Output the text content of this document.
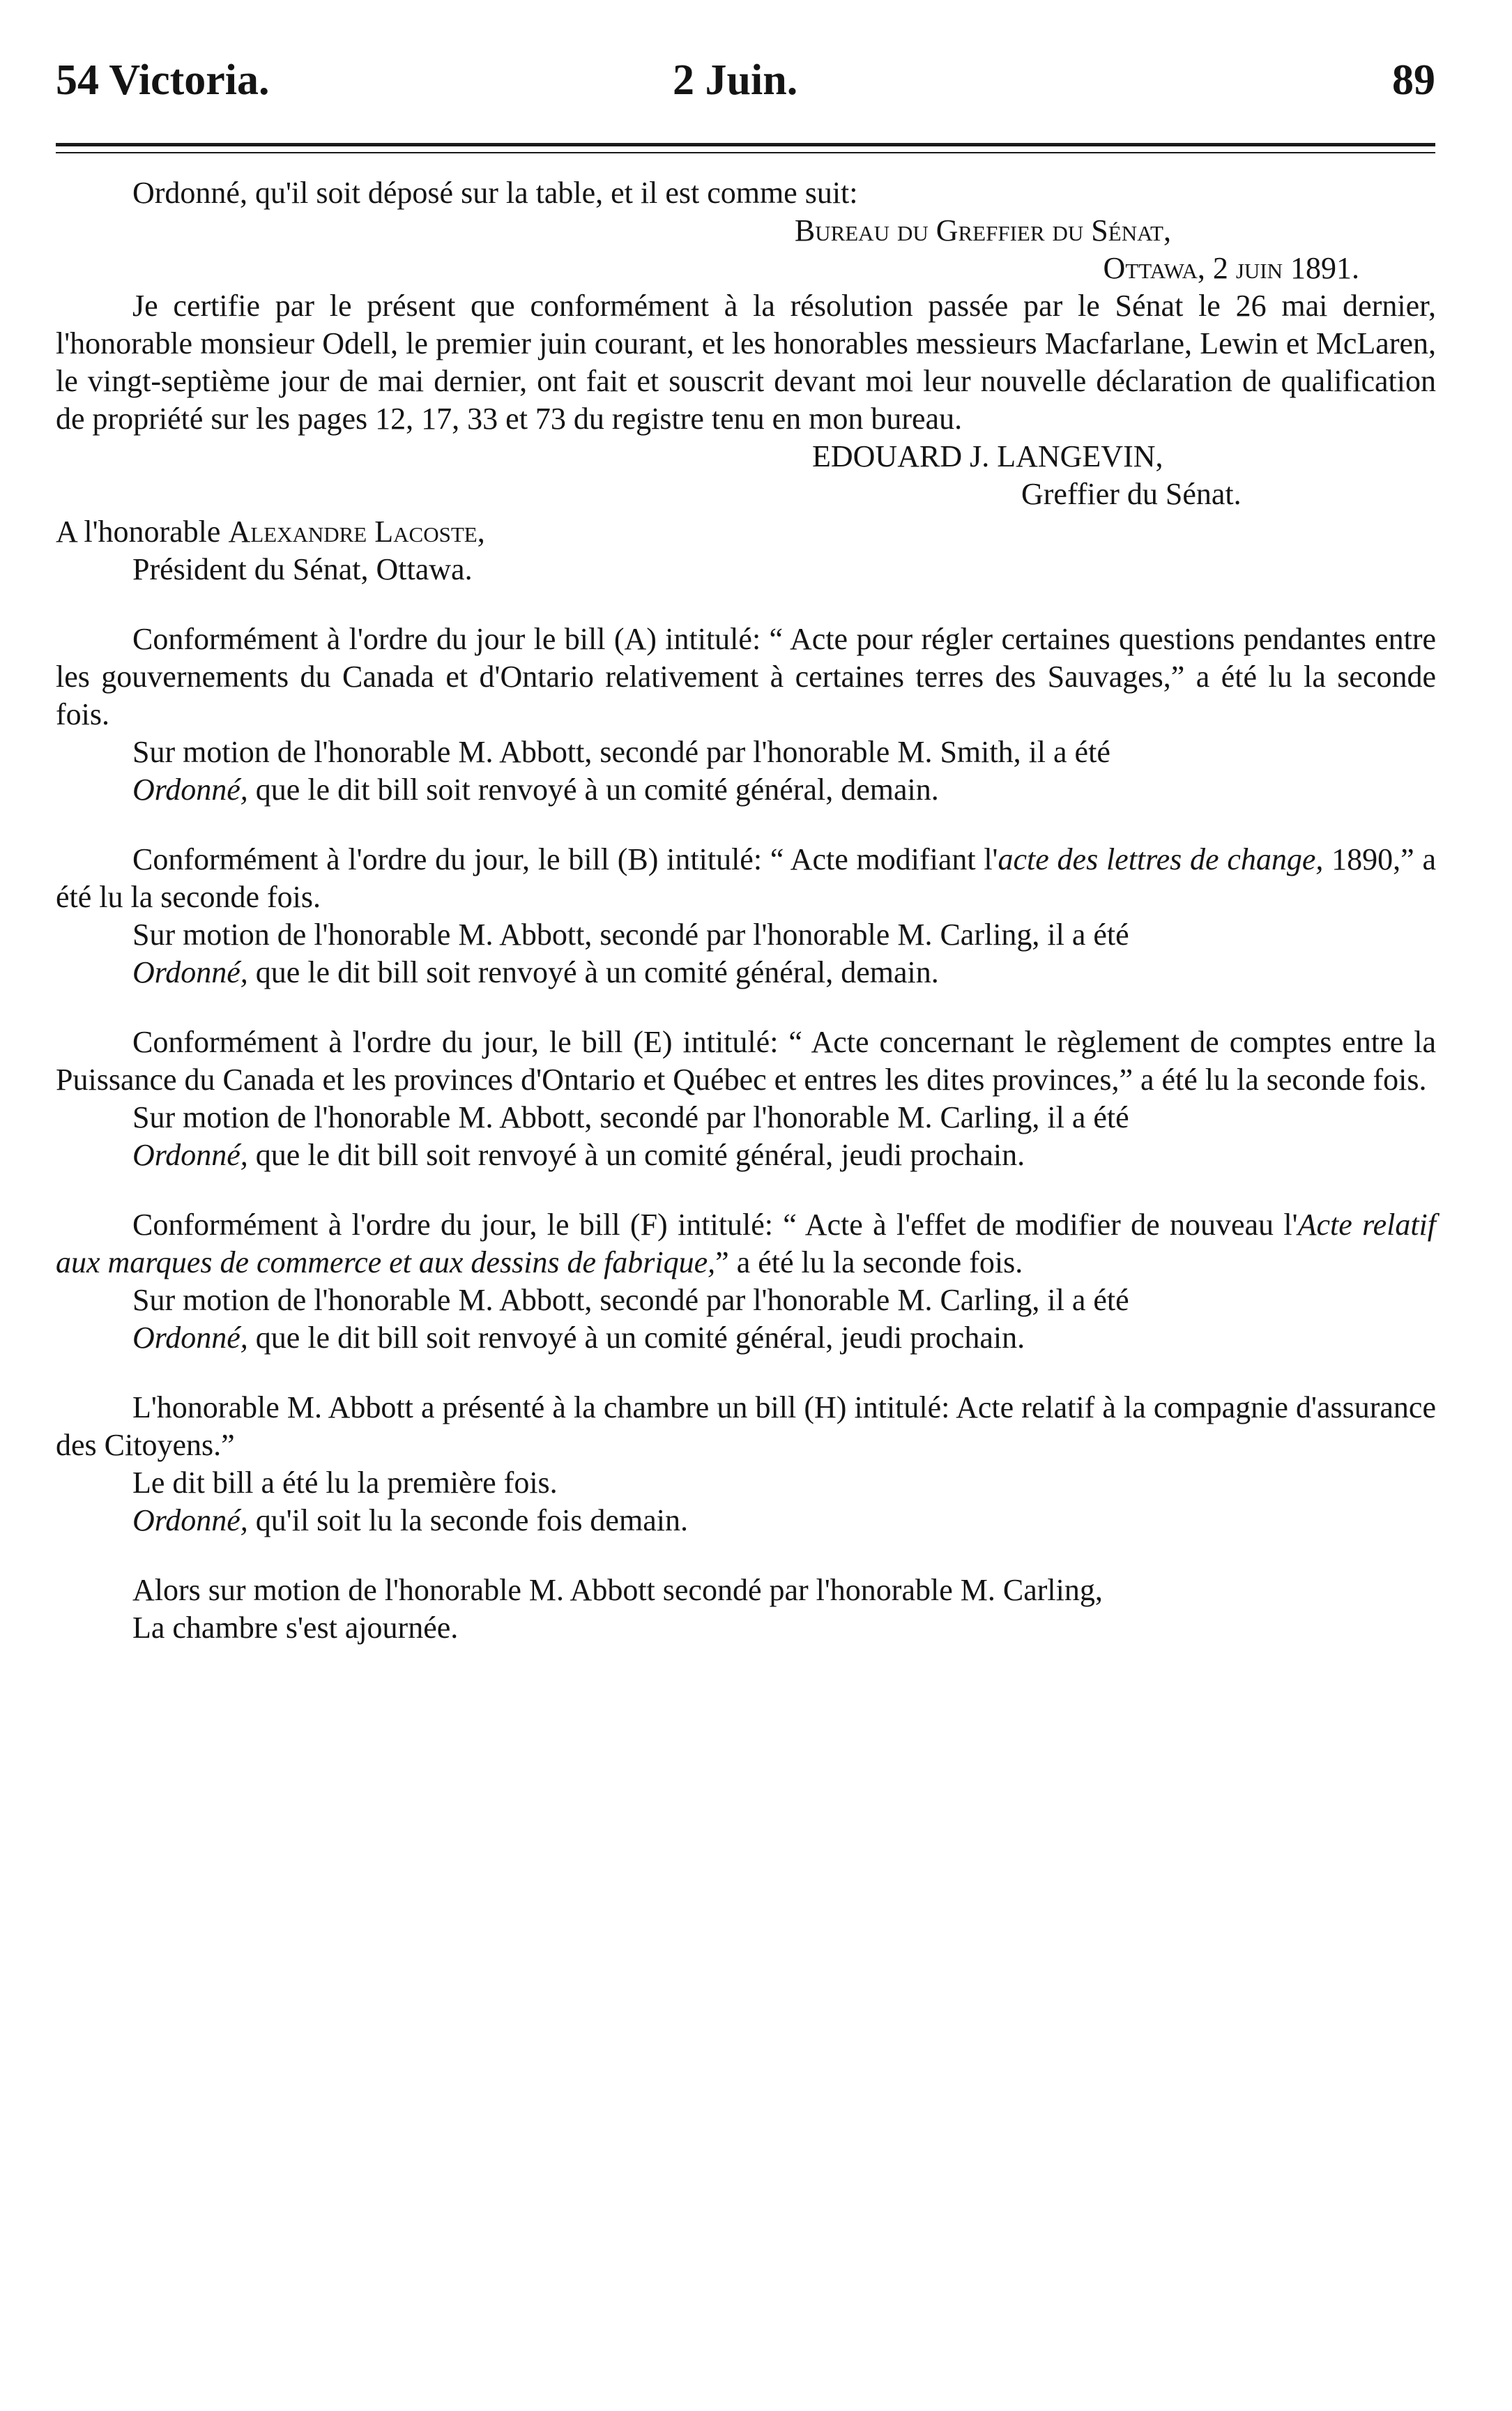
54 Victoria.	2 Juin.	89

Ordonné, qu'il soit déposé sur la table, et il est comme suit:

Bureau du Greffier du Sénat,

Ottawa, 2 juin 1891.

Je certifie par le présent que conformément à la résolution passée par le Sénat le 26 mai dernier, l'honorable monsieur Odell, le premier juin courant, et les honorables messieurs Macfarlane, Lewin et McLaren, le vingt-septième jour de mai dernier, ont fait et souscrit devant moi leur nouvelle déclaration de qualification de propriété sur les pages 12, 17, 33 et 73 du registre tenu en mon bureau.

EDOUARD J. LANGEVIN,

Greffier du Sénat.

A l'honorable Alexandre Lacoste,

Président du Sénat, Ottawa.

Conformément à l'ordre du jour le bill (A) intitulé: “ Acte pour régler certaines questions pendantes entre les gouvernements du Canada et d'Ontario relativement à certaines terres des Sauvages,” a été lu la seconde fois.

Sur motion de l'honorable M. Abbott, secondé par l'honorable M. Smith, il a été

Ordonné, que le dit bill soit renvoyé à un comité général, demain.

Conformément à l'ordre du jour, le bill (B) intitulé: “ Acte modifiant l'acte des lettres de change, 1890,” a été lu la seconde fois.

Sur motion de l'honorable M. Abbott, secondé par l'honorable M. Carling, il a été

Ordonné, que le dit bill soit renvoyé à un comité général, demain.

Conformément à l'ordre du jour, le bill (E) intitulé: “ Acte concernant le règlement de comptes entre la Puissance du Canada et les provinces d'Ontario et Québec et entres les dites provinces,” a été lu la seconde fois.

Sur motion de l'honorable M. Abbott, secondé par l'honorable M. Carling, il a été

Ordonné, que le dit bill soit renvoyé à un comité général, jeudi prochain.

Conformément à l'ordre du jour, le bill (F) intitulé: “ Acte à l'effet de modifier de nouveau l'Acte relatif aux marques de commerce et aux dessins de fabrique,” a été lu la seconde fois.

Sur motion de l'honorable M. Abbott, secondé par l'honorable M. Carling, il a été

Ordonné, que le dit bill soit renvoyé à un comité général, jeudi prochain.

L'honorable M. Abbott a présenté à la chambre un bill (H) intitulé: Acte relatif à la compagnie d'assurance des Citoyens.”

Le dit bill a été lu la première fois.

Ordonné, qu'il soit lu la seconde fois demain.

Alors sur motion de l'honorable M. Abbott secondé par l'honorable M. Carling,

La chambre s'est ajournée.
